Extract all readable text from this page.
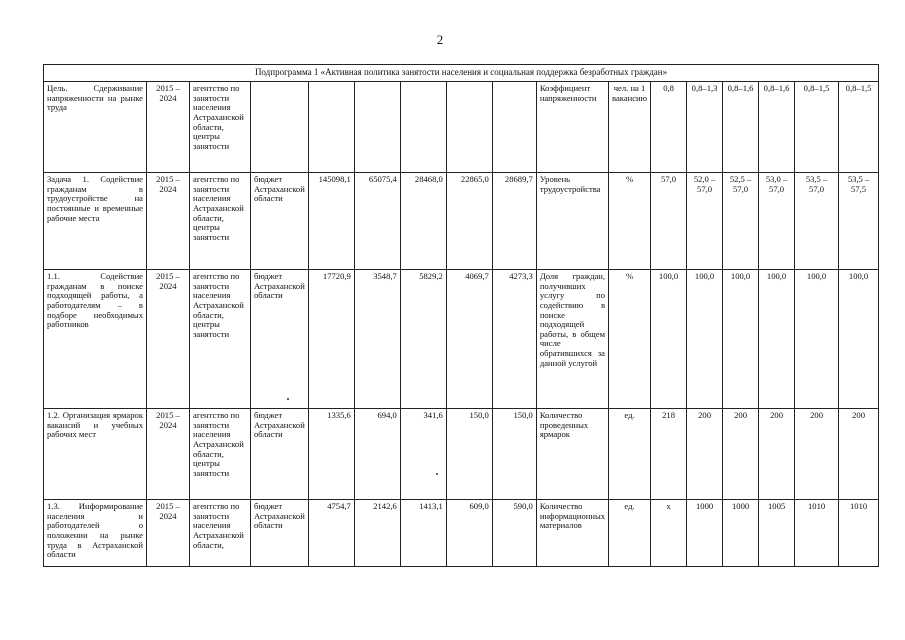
2
Подпрограмма 1 «Активная политика занятости населения и социальная поддержка безработных граждан»																
Цель. Сдерживание напряженности на рынке труда	2015 – 2024	агентство по занятости населения Астраханской области, центры занятости							Коэффициент напряженности	чел. на 1 вакансию	0,8	0,8–1,3	0,8–1,6	0,8–1,6	0,8–1,5	0,8–1,5
Задача 1. Содействие гражданам в трудоустройстве на постоянные и временные рабочие места	2015 – 2024	агентство по занятости населения Астраханской области, центры занятости	бюджет Астраханской области	145098,1	65075,4	28468,0	22865,0	28689,7	Уровень трудоустройства	%	57,0	52,0 – 57,0	52,5 – 57,0	53,0 – 57,0	53,5 – 57,0	53,5 – 57,5
1.1. Содействие гражданам в поиске подходящей работы, а работодателям – в подборе необходимых работников	2015 – 2024	агентство по занятости населения Астраханской области, центры занятости	бюджет Астраханской области	17720,9	3548,7	5829,2	4069,7	4273,3	Доля граждан, получивших услугу по содействию в поиске подходящей работы, в общем числе обратившихся за данной услугой	%	100,0	100,0	100,0	100,0	100,0	100,0
1.2. Организация ярмарок вакансий и учебных рабочих мест	2015 – 2024	агентство по занятости населения Астраханской области, центры занятости	бюджет Астраханской области	1335,6	694,0	341,6	150,0	150,0	Количество проведенных ярмарок	ед.	218	200	200	200	200	200
1.3. Информирование населения и работодателей о положении на рынке труда в Астраханской области	2015 – 2024	агентство по занятости населения Астраханской области,	бюджет Астраханской области	4754,7	2142,6	1413,1	609,0	590,0	Количество информационных материалов	ед.	x	1000	1000	1005	1010	1010
